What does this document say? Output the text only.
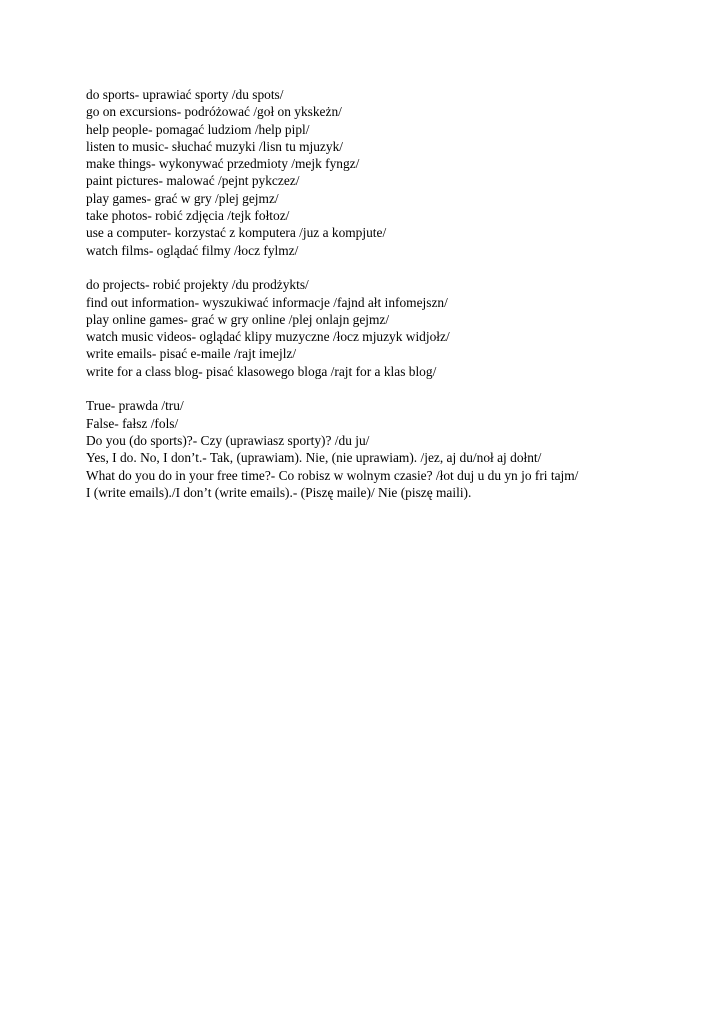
do sports- uprawiać sporty /du spots/

go on excursions- podróżować /goł on ykskeżn/

help people- pomagać ludziom /help pipl/

listen to music- słuchać muzyki /lisn tu mjuzyk/

make things- wykonywać przedmioty /mejk fyngz/

paint pictures- malować /pejnt pykczez/

play games- grać w gry /plej gejmz/

take photos- robić zdjęcia /tejk fołtoz/

use a computer- korzystać z komputera /juz a kompjute/

watch films- oglądać filmy /łocz fylmz/

do projects- robić projekty /du prodżykts/

find out information- wyszukiwać informacje /fajnd ałt infomejszn/

play online games- grać w gry online /plej onlajn gejmz/

watch music videos- oglądać klipy muzyczne /łocz mjuzyk widjołz/

write emails- pisać e-maile /rajt imejlz/

write for a class blog- pisać klasowego bloga /rajt for a klas blog/

True- prawda /tru/

False- fałsz /fols/

Do you (do sports)?- Czy (uprawiasz sporty)? /du ju/

Yes, I do. No, I don’t.- Tak, (uprawiam). Nie, (nie uprawiam). /jez, aj du/noł aj dołnt/

What do you do in your free time?- Co robisz w wolnym czasie? /łot duj u du yn jo fri tajm/

I (write emails)./I don’t (write emails).- (Piszę maile)/ Nie (piszę maili).
